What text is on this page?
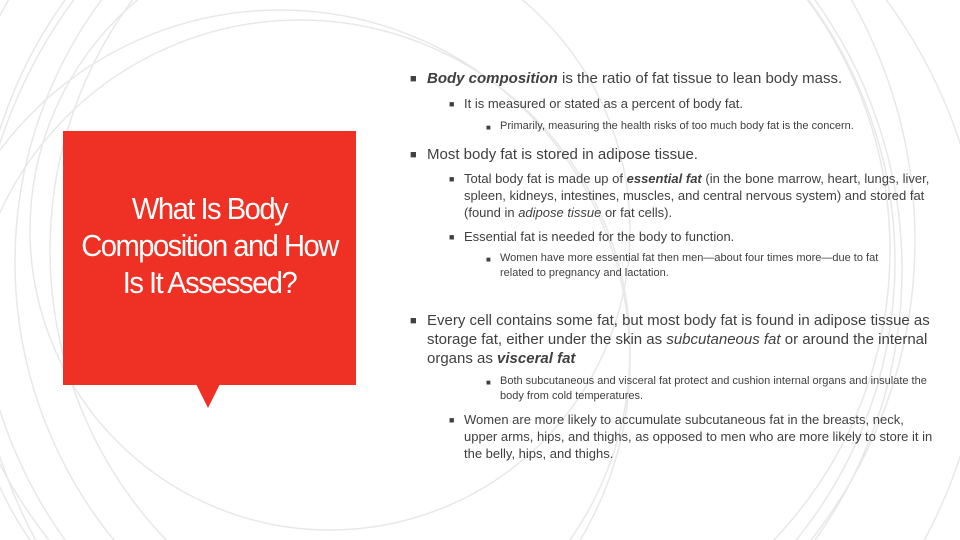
What Is Body Composition and How Is It Assessed?

■ Body composition is the ratio of fat tissue to lean body mass.

■ It is measured or stated as a percent of body fat.

■ Primarily, measuring the health risks of too much body fat is the concern.

■ Most body fat is stored in adipose tissue.

■ Total body fat is made up of essential fat (in the bone marrow, heart, lungs, liver, spleen, kidneys, intestines, muscles, and central nervous system) and stored fat (found in adipose tissue or fat cells).

■ Essential fat is needed for the body to function.

■ Women have more essential fat then men—about four times more—due to fat
related to pregnancy and lactation.

■ Every cell contains some fat, but most body fat is found in adipose tissue as storage fat, either under the skin as subcutaneous fat or around the internal organs as visceral fat

■ Both subcutaneous and visceral fat protect and cushion internal organs and insulate the body from cold temperatures.

■ Women are more likely to accumulate subcutaneous fat in the breasts, neck, upper arms, hips, and thighs, as opposed to men who are more likely to store it in the belly, hips, and thighs.
